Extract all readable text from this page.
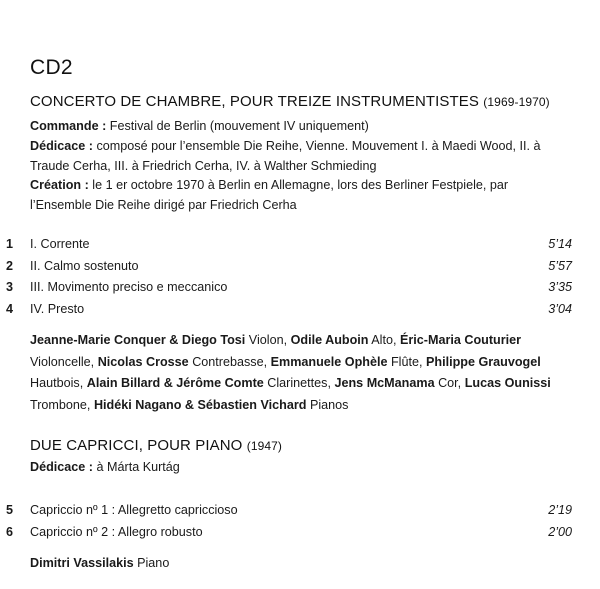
CD2
CONCERTO DE CHAMBRE, POUR TREIZE INSTRUMENTISTES (1969-1970)
Commande : Festival de Berlin (mouvement IV uniquement)
Dédicace : composé pour l’ensemble Die Reihe, Vienne. Mouvement I. à Maedi Wood, II. à Traude Cerha, III. à Friedrich Cerha, IV. à Walther Schmieding
Création : le 1 er octobre 1970 à Berlin en Allemagne, lors des Berliner Festpiele, par l’Ensemble Die Reihe dirigé par Friedrich Cerha
1 I. Corrente	5’14
2 II. Calmo sostenuto	5’57
3 III. Movimento preciso e meccanico	3’35
4 IV. Presto	3’04
Jeanne-Marie Conquer & Diego Tosi Violon, Odile Auboin Alto, Éric-Maria Couturier Violoncelle, Nicolas Crosse Contrebasse, Emmanuele Ophèle Flûte, Philippe Grauvogel Hautbois, Alain Billard & Jérôme Comte Clarinettes, Jens McManama Cor, Lucas Ounissi Trombone, Hidéki Nagano & Sébastien Vichard Pianos
DUE CAPRICCI, POUR PIANO (1947)
Dédicace : à Márta Kurtág
5 Capriccio nº 1 : Allegretto capriccioso	2’19
6 Capriccio nº 2 : Allegro robusto	2’00
Dimitri Vassilakis Piano
